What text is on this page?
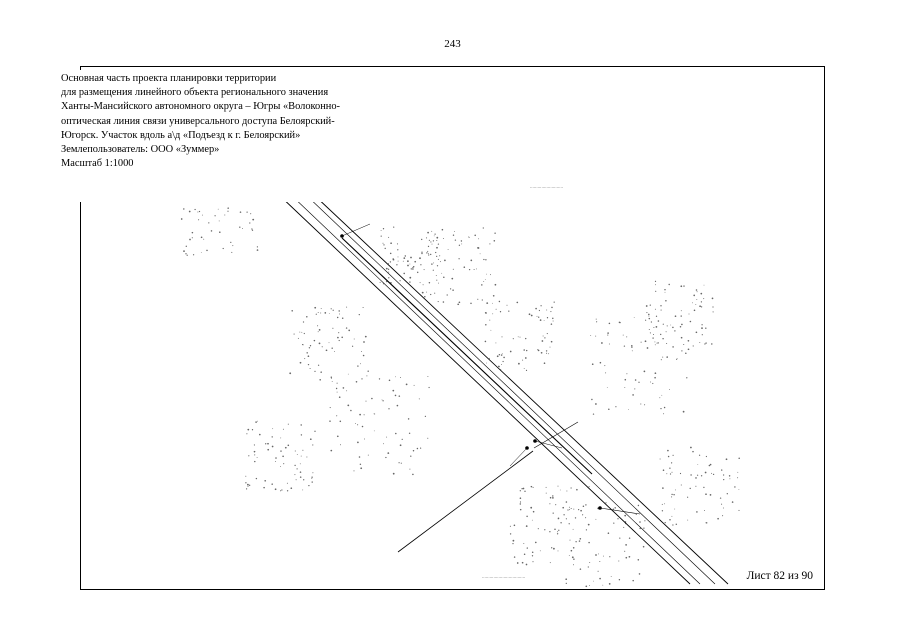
243
..........................
..................................
Основная часть проекта планировки территории
для размещения линейного объекта регионального значения
Ханты-Мансийского автономного округа – Югры «Волоконно-
оптическая линия связи универсального доступа Белоярский-
Югорск. Участок вдоль а\д «Подъезд к г. Белоярский»
Землепользователь: ООО «Зуммер»
Масштаб 1:1000
Лист 82 из 90
